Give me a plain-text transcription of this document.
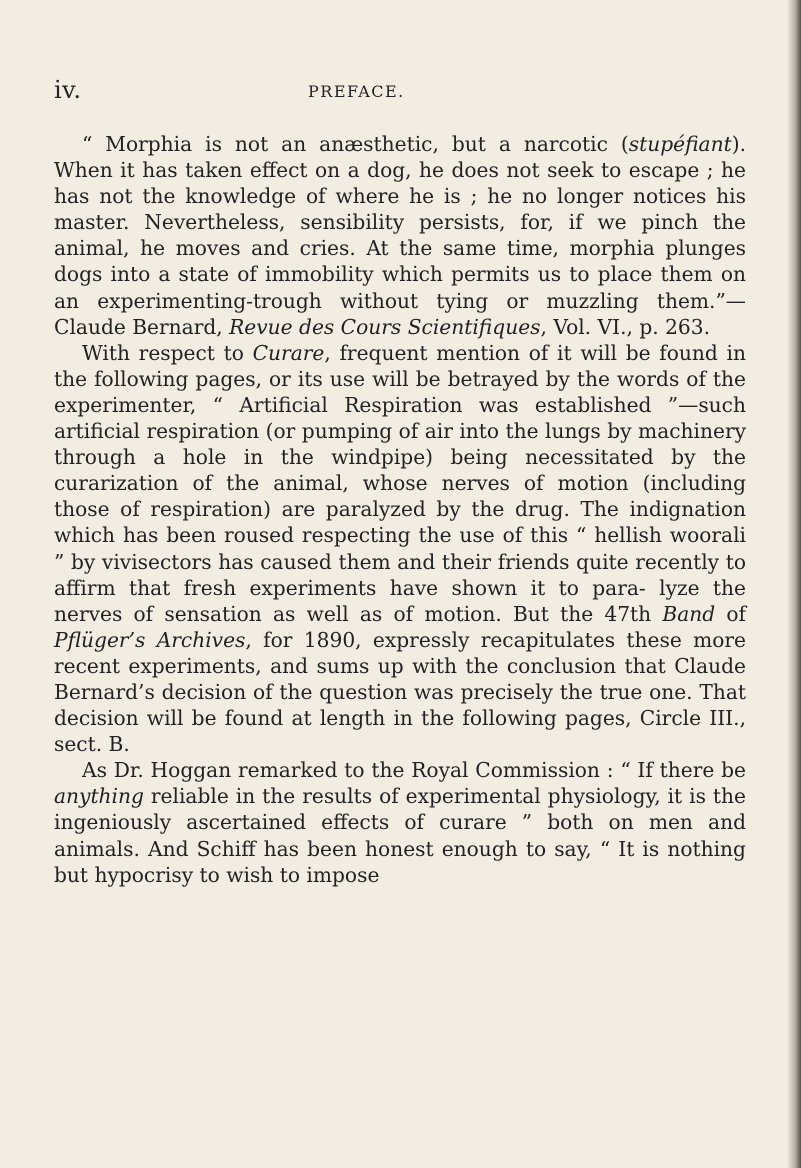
iv.	PREFACE.

“ Morphia is not an anæsthetic, but a narcotic (stupéfiant). When it has taken effect on a dog, he does not seek to escape ; he has not the knowledge of where he is ; he no longer notices his master. Nevertheless, sensibility persists, for, if we pinch the animal, he moves and cries. At the same time, morphia plunges dogs into a state of immobility which permits us to place them on an experimenting-trough without tying or muzzling them.”—Claude Bernard, Revue des Cours Scientifiques, Vol. VI., p. 263.

With respect to Curare, frequent mention of it will be found in the following pages, or its use will be betrayed by the words of the experimenter, “ Artificial Respiration was established ”—such artificial respiration (or pumping of air into the lungs by machinery through a hole in the windpipe) being necessitated by the curarization of the animal, whose nerves of motion (including those of respiration) are paralyzed by the drug. The indignation which has been roused respecting the use of this “ hellish woorali ” by vivisectors has caused them and their friends quite recently to affirm that fresh experiments have shown it to para- lyze the nerves of sensation as well as of motion. But the 47th Band of Pflüger’s Archives, for 1890, expressly recapitulates these more recent experiments, and sums up with the conclusion that Claude Bernard’s decision of the question was precisely the true one. That decision will be found at length in the following pages, Circle III., sect. B.

As Dr. Hoggan remarked to the Royal Commission : “ If there be anything reliable in the results of experimental physiology, it is the ingeniously ascertained effects of curare ” both on men and animals. And Schiff has been honest enough to say, “ It is nothing but hypocrisy to wish to impose
